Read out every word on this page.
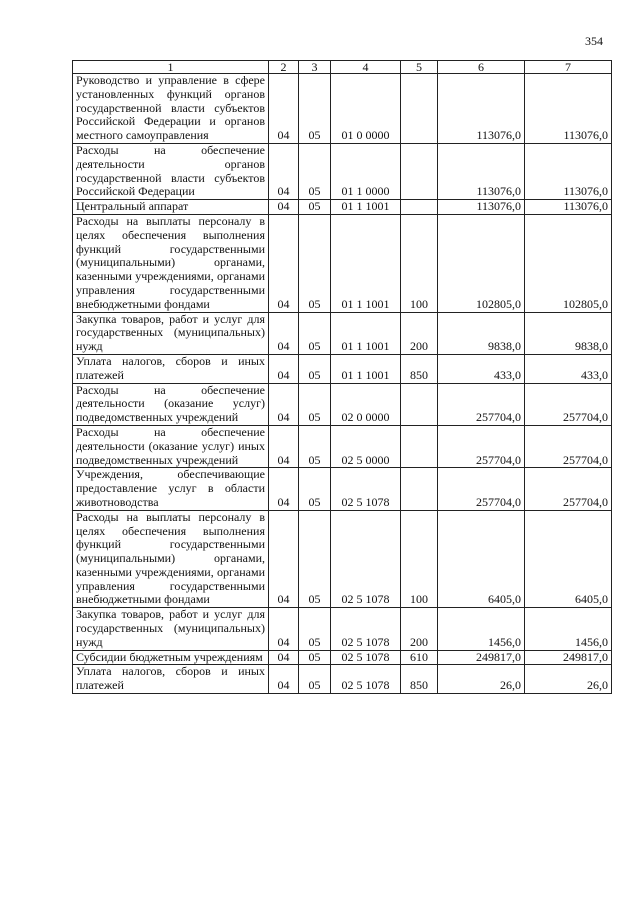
354
1	2	3	4	5	6	7

Руководство и управление в сфере установленных функций органов государственной власти субъектов Российской Федерации и органов местного самоуправления	04	05	01 0 0000		113076,0	113076,0

Расходы на обеспечение деятельности органов государственной власти субъектов Российской Федерации	04	05	01 1 0000		113076,0	113076,0

Центральный аппарат	04	05	01 1 1001		113076,0	113076,0

Расходы на выплаты персоналу в целях обеспечения выполнения функций государственными (муниципальными) органами, казенными учреждениями, органами управления государственными внебюджетными фондами	04	05	01 1 1001	100	102805,0	102805,0

Закупка товаров, работ и услуг для государственных (муниципальных) нужд	04	05	01 1 1001	200	9838,0	9838,0

Уплата налогов, сборов и иных платежей	04	05	01 1 1001	850	433,0	433,0

Расходы на обеспечение деятельности (оказание услуг) подведомственных учреждений	04	05	02 0 0000		257704,0	257704,0

Расходы на обеспечение деятельности (оказание услуг) иных подведомственных учреждений	04	05	02 5 0000		257704,0	257704,0

Учреждения, обеспечивающие предоставление услуг в области животноводства	04	05	02 5 1078		257704,0	257704,0

Расходы на выплаты персоналу в целях обеспечения выполнения функций государственными (муниципальными) органами, казенными учреждениями, органами управления государственными внебюджетными фондами	04	05	02 5 1078	100	6405,0	6405,0

Закупка товаров, работ и услуг для государственных (муниципальных) нужд	04	05	02 5 1078	200	1456,0	1456,0

Субсидии бюджетным учреждениям	04	05	02 5 1078	610	249817,0	249817,0

Уплата налогов, сборов и иных платежей	04	05	02 5 1078	850	26,0	26,0
